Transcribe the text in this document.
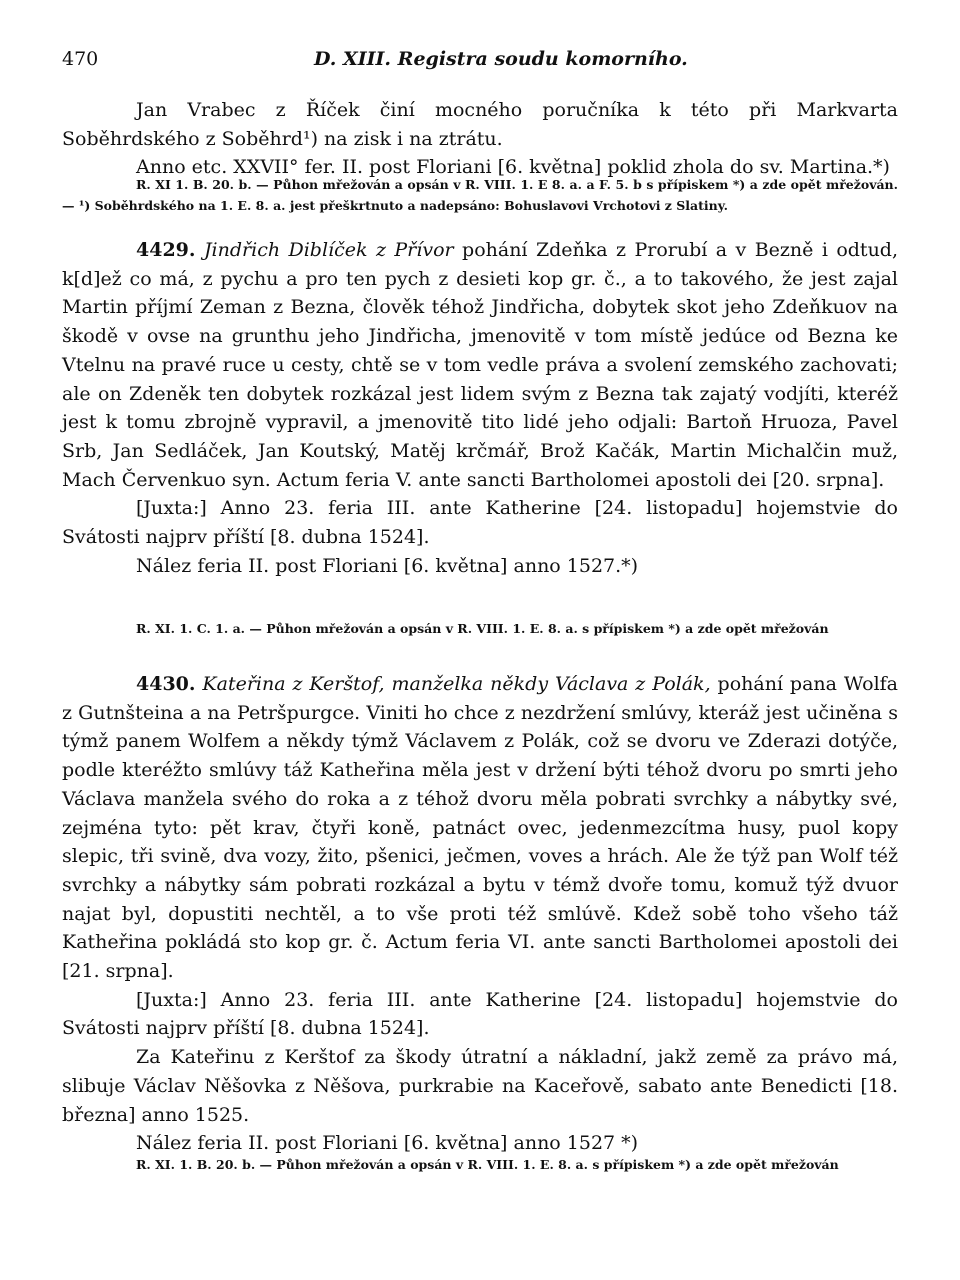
470	D. XIII. Registra soudu komorního.

Jan Vrabec z Říček činí mocného poručníka k této při Markvarta Soběhrdského z Soběhrd¹) na zisk i na ztrátu.

Anno etc. XXVII° fer. II. post Floriani [6. května] poklid zhola do sv. Martina.*)

R. XI 1. B. 20. b. — Půhon mřežován a opsán v R. VIII. 1. E 8. a. a F. 5. b s přípiskem *) a zde opět mřežován. — ¹) Soběhrdského na 1. E. 8. a. jest přeškrtnuto a nadepsáno: Bohuslavovi Vrchotovi z Slatiny.

4429. Jindřich Diblíček z Přívor pohání Zdeňka z Prorubí a v Bezně i odtud, k[d]ež co má, z pychu a pro ten pych z desieti kop gr. č., a to takového, že jest zajal Martin příjmí Zeman z Bezna, člověk téhož Jindřicha, dobytek skot jeho Zdeňkuov na škodě v ovse na grunthu jeho Jindřicha, jmenovitě v tom místě jedúce od Bezna ke Vtelnu na pravé ruce u cesty, chtě se v tom vedle práva a svolení zemského zachovati; ale on Zdeněk ten dobytek rozkázal jest lidem svým z Bezna tak zajatý vodjíti, kteréž jest k tomu zbrojně vypravil, a jmenovitě tito lidé jeho odjali: Bartoň Hruoza, Pavel Srb, Jan Sedláček, Jan Koutský, Matěj krčmář, Brož Kačák, Martin Michalčin muž, Mach Červenkuo syn. Actum feria V. ante sancti Bartholomei apostoli dei [20. srpna].

[Juxta:] Anno 23. feria III. ante Katherine [24. listopadu] hojemstvie do Svátosti najprv příští [8. dubna 1524].

Nález feria II. post Floriani [6. května] anno 1527.*)

R. XI. 1. C. 1. a. — Půhon mřežován a opsán v R. VIII. 1. E. 8. a. s přípiskem *) a zde opět mřežován

4430. Kateřina z Kerštof, manželka někdy Václava z Polák, pohání pana Wolfa z Gutnšteina a na Petršpurgce. Viniti ho chce z nezdržení smlúvy, kteráž jest učiněna s týmž panem Wolfem a někdy týmž Václavem z Polák, což se dvoru ve Zderazi dotýče, podle kteréžto smlúvy táž Katheřina měla jest v držení býti téhož dvoru po smrti jeho Václava manžela svého do roka a z téhož dvoru měla pobrati svrchky a nábytky své, zejména tyto: pět krav, čtyři koně, patnáct ovec, jedenmezcítma husy, puol kopy slepic, tři svině, dva vozy, žito, pšenici, ječmen, voves a hrách. Ale že týž pan Wolf též svrchky a nábytky sám pobrati rozkázal a bytu v témž dvoře tomu, komuž týž dvuor najat byl, dopustiti nechtěl, a to vše proti též smlúvě. Kdež sobě toho všeho táž Katheřina pokládá sto kop gr. č. Actum feria VI. ante sancti Bartholomei apostoli dei [21. srpna].

[Juxta:] Anno 23. feria III. ante Katherine [24. listopadu] hojemstvie do Svátosti najprv příští [8. dubna 1524].

Za Kateřinu z Kerštof za škody útratní a nákladní, jakž země za právo má, slibuje Václav Něšovka z Něšova, purkrabie na Kaceřově, sabato ante Benedicti [18. března] anno 1525.

Nález feria II. post Floriani [6. května] anno 1527 *)

R. XI. 1. B. 20. b. — Půhon mřežován a opsán v R. VIII. 1. E. 8. a. s přípiskem *) a zde opět mřežován
